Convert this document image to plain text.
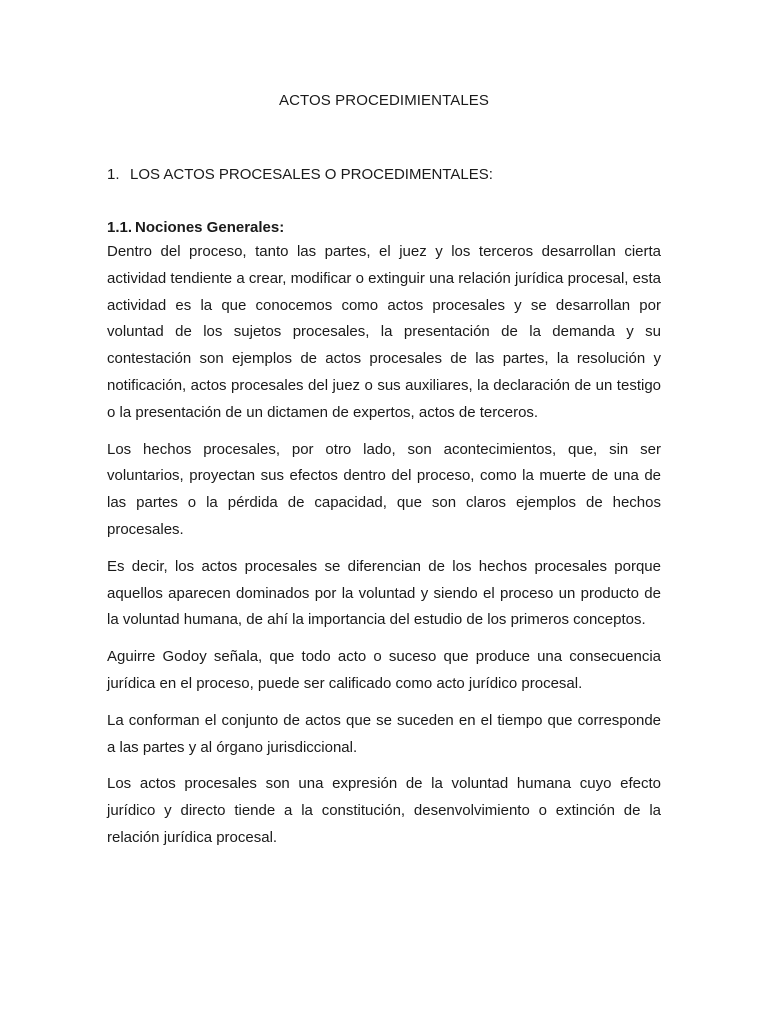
ACTOS PROCEDIMIENTALES
1. LOS ACTOS PROCESALES O PROCEDIMENTALES:

1.1. Nociones Generales:

Dentro del proceso, tanto las partes, el juez y los terceros desarrollan cierta actividad tendiente a crear, modificar o extinguir una relación jurídica procesal, esta actividad es la que conocemos como actos procesales y se desarrollan por voluntad de los sujetos procesales, la presentación de la demanda y su contestación son ejemplos de actos procesales de las partes, la resolución y notificación, actos procesales del juez o sus auxiliares, la declaración de un testigo o la presentación de un dictamen de expertos, actos de terceros.

Los hechos procesales, por otro lado, son acontecimientos, que, sin ser voluntarios, proyectan sus efectos dentro del proceso, como la muerte de una de las partes o la pérdida de capacidad, que son claros ejemplos de hechos procesales.

Es decir, los actos procesales se diferencian de los hechos procesales porque aquellos aparecen dominados por la voluntad y siendo el proceso un producto de la voluntad humana, de ahí la importancia del estudio de los primeros conceptos.

Aguirre Godoy señala, que todo acto o suceso que produce una consecuencia jurídica en el proceso, puede ser calificado como acto jurídico procesal.

La conforman el conjunto de actos que se suceden en el tiempo que corresponde a las partes y al órgano jurisdiccional.

Los actos procesales son una expresión de la voluntad humana cuyo efecto jurídico y directo tiende a la constitución, desenvolvimiento o extinción de la relación jurídica procesal.
